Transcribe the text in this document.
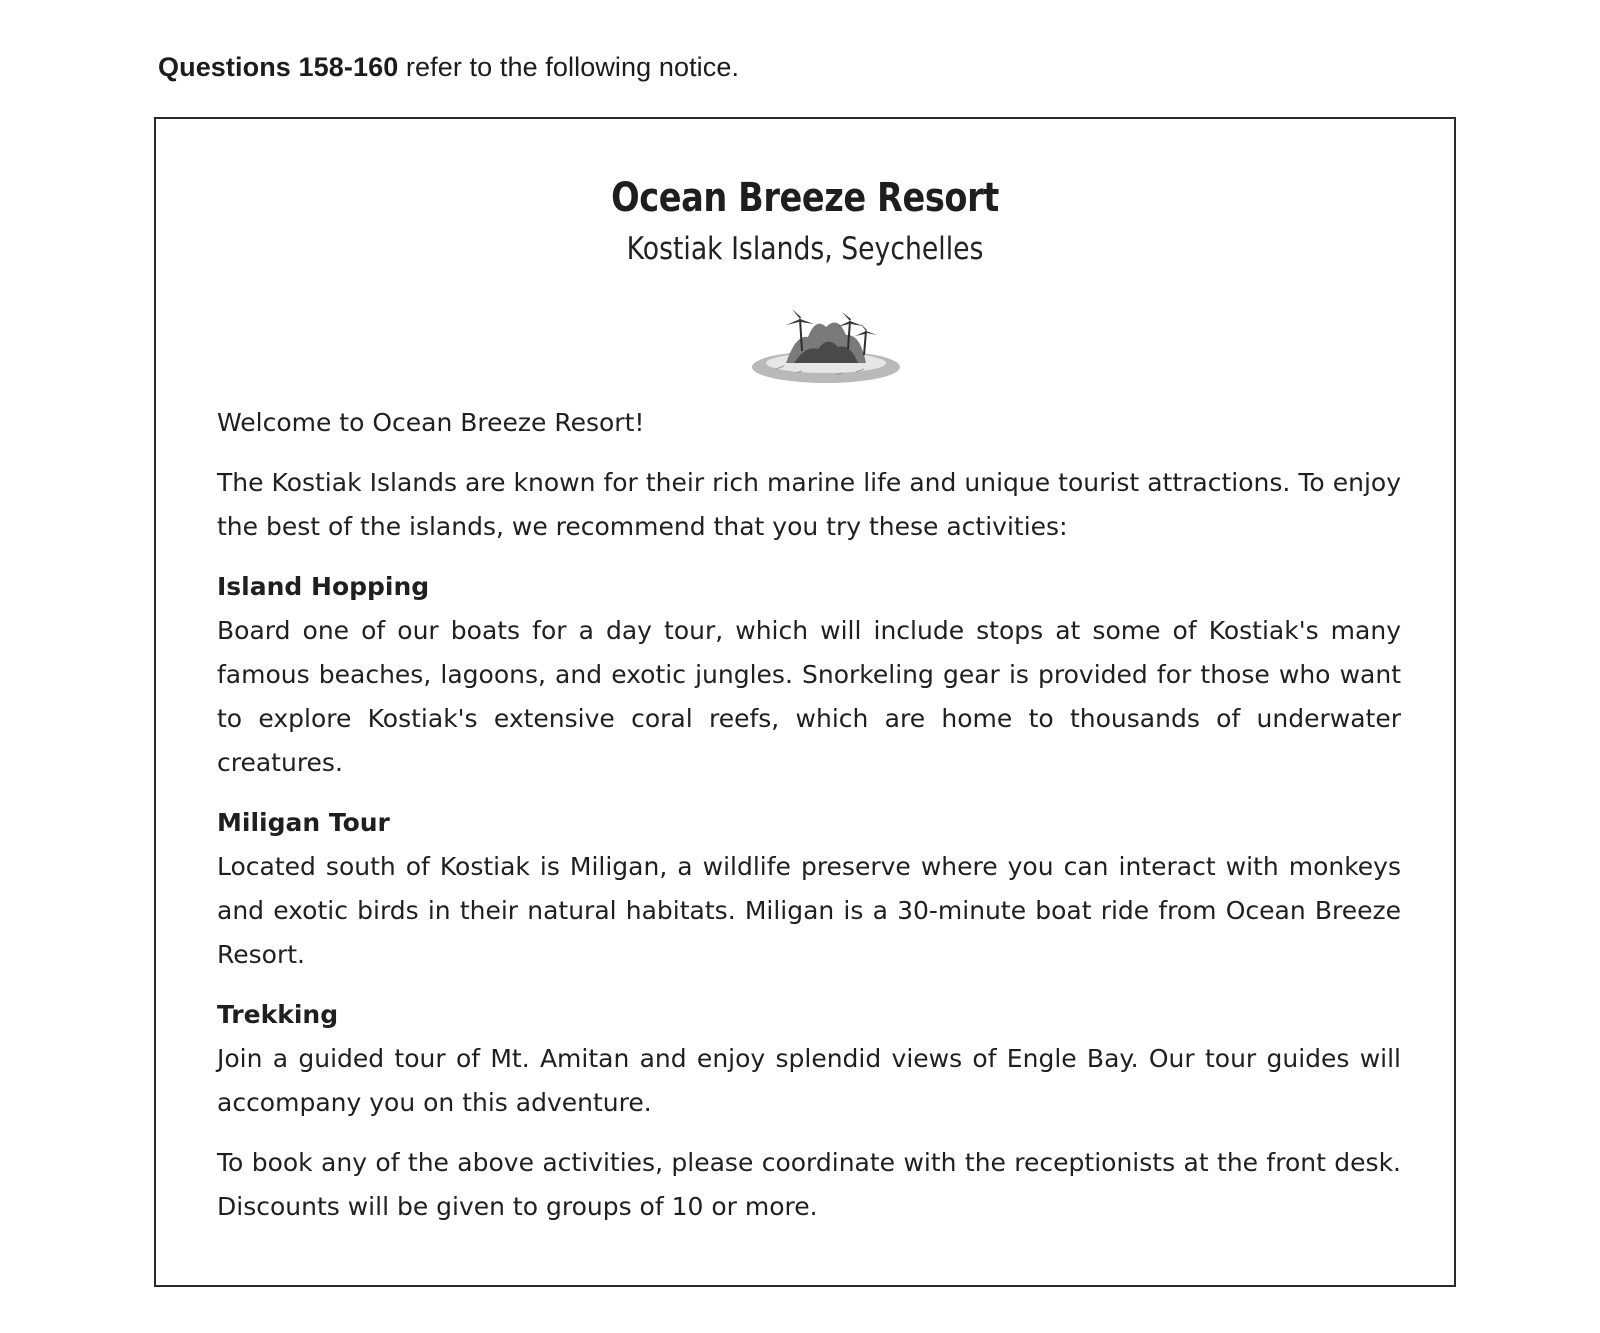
Questions 158-160 refer to the following notice.
Ocean Breeze Resort
Kostiak Islands, Seychelles

Welcome to Ocean Breeze Resort!

The Kostiak Islands are known for their rich marine life and unique tourist attractions. To enjoy the best of the islands, we recommend that you try these activities:

Island Hopping

Board one of our boats for a day tour, which will include stops at some of Kostiak's many famous beaches, lagoons, and exotic jungles. Snorkeling gear is provided for those who want to explore Kostiak's extensive coral reefs, which are home to thousands of underwater creatures.

Miligan Tour

Located south of Kostiak is Miligan, a wildlife preserve where you can interact with monkeys and exotic birds in their natural habitats. Miligan is a 30-minute boat ride from Ocean Breeze Resort.

Trekking

Join a guided tour of Mt. Amitan and enjoy splendid views of Engle Bay. Our tour guides will accompany you on this adventure.

To book any of the above activities, please coordinate with the receptionists at the front desk. Discounts will be given to groups of 10 or more.
